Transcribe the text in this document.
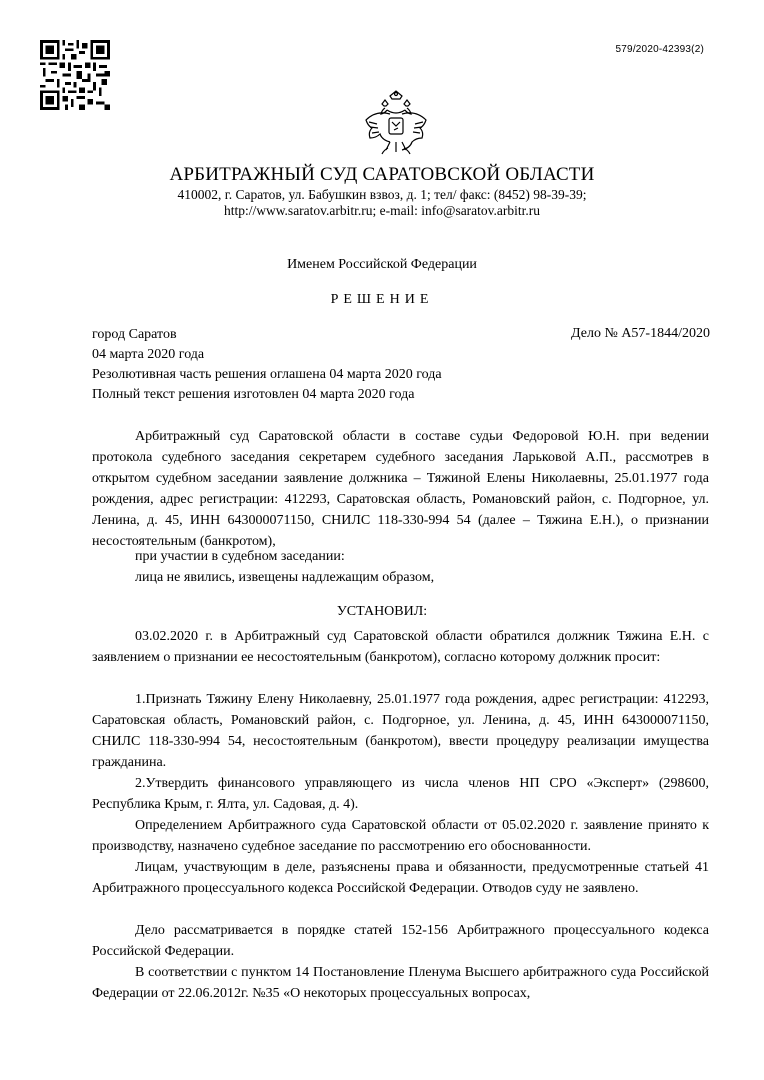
579/2020-42393(2)
АРБИТРАЖНЫЙ СУД САРАТОВСКОЙ ОБЛАСТИ
410002, г. Саратов, ул. Бабушкин взвоз, д. 1; тел/ факс: (8452) 98-39-39;
http://www.saratov.arbitr.ru; e-mail: info@saratov.arbitr.ru
Именем Российской Федерации
РЕШЕНИЕ
город Саратов	Дело № А57-1844/2020
04 марта 2020 года
Резолютивная часть решения оглашена 04 марта 2020 года
Полный текст решения изготовлен 04 марта 2020 года
Арбитражный суд Саратовской области в составе судьи Федоровой Ю.Н. при ведении протокола судебного заседания секретарем судебного заседания Ларьковой А.П., рассмотрев в открытом судебном заседании заявление должника – Тяжиной Елены Николаевны, 25.01.1977 года рождения, адрес регистрации: 412293, Саратовская область, Романовский район, с. Подгорное, ул. Ленина, д. 45, ИНН 643000071150, СНИЛС 118-330-994 54 (далее – Тяжина Е.Н.), о признании несостоятельным (банкротом),
при участии в судебном заседании:
лица не явились, извещены надлежащим образом,
УСТАНОВИЛ:
03.02.2020 г. в Арбитражный суд Саратовской области обратился должник Тяжина Е.Н. с заявлением о признании ее несостоятельным (банкротом), согласно которому должник просит:
1.Признать Тяжину Елену Николаевну, 25.01.1977 года рождения, адрес регистрации: 412293, Саратовская область, Романовский район, с. Подгорное, ул. Ленина, д. 45, ИНН 643000071150, СНИЛС 118-330-994 54, несостоятельным (банкротом), ввести процедуру реализации имущества гражданина.
2.Утвердить финансового управляющего из числа членов НП СРО «Эксперт» (298600, Республика Крым, г. Ялта, ул. Садовая, д. 4).
Определением Арбитражного суда Саратовской области от 05.02.2020 г. заявление принято к производству, назначено судебное заседание по рассмотрению его обоснованности.
Лицам, участвующим в деле, разъяснены права и обязанности, предусмотренные статьей 41 Арбитражного процессуального кодекса Российской Федерации. Отводов суду не заявлено.
Дело рассматривается в порядке статей 152-156 Арбитражного процессуального кодекса Российской Федерации.
В соответствии с пунктом 14 Постановление Пленума Высшего арбитражного суда Российской Федерации от 22.06.2012г. №35 «О некоторых процессуальных вопросах,
